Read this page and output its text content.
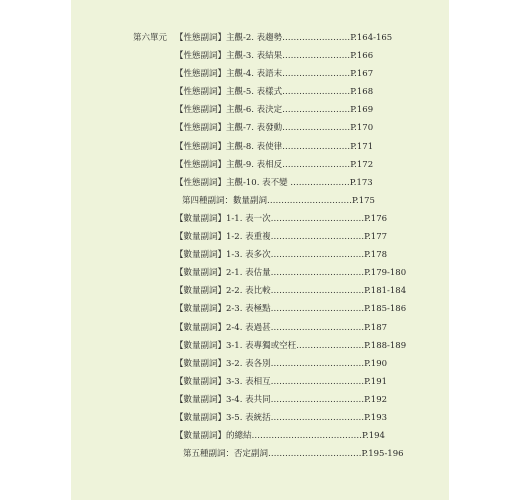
第六單元 【性態副詞】主觀-2. 表趨勢……………………P.164-165
【性態副詞】主觀-3. 表結果……………………P.166
【性態副詞】主觀-4. 表語末……………………P.167
【性態副詞】主觀-5. 表樣式……………………P.168
【性態副詞】主觀-6. 表決定……………………P.169
【性態副詞】主觀-7. 表發動……………………P.170
【性態副詞】主觀-8. 表使律……………………P.171
【性態副詞】主觀-9. 表相反……………………P.172
【性態副詞】主觀-10. 表不變 …………………P.173
第四種副詞：數量副詞…………………………P.175
【數量副詞】1-1. 表一次……………………………P.176
【數量副詞】1-2. 表重複……………………………P.177
【數量副詞】1-3. 表多次……………………………P.178
【數量副詞】2-1. 表估量……………………………P.179-180
【數量副詞】2-2. 表比較……………………………P.181-184
【數量副詞】2-3. 表極點……………………………P.185-186
【數量副詞】2-4. 表過甚……………………………P.187
【數量副詞】3-1. 表專獨或空枉……………………P.188-189
【數量副詞】3-2. 表各別……………………………P.190
【數量副詞】3-3. 表相互……………………………P.191
【數量副詞】3-4. 表共同……………………………P.192
【數量副詞】3-5. 表統括……………………………P.193
【數量副詞】的總結…………………………………P.194
第五種副詞：否定副詞……………………………P.195-196
